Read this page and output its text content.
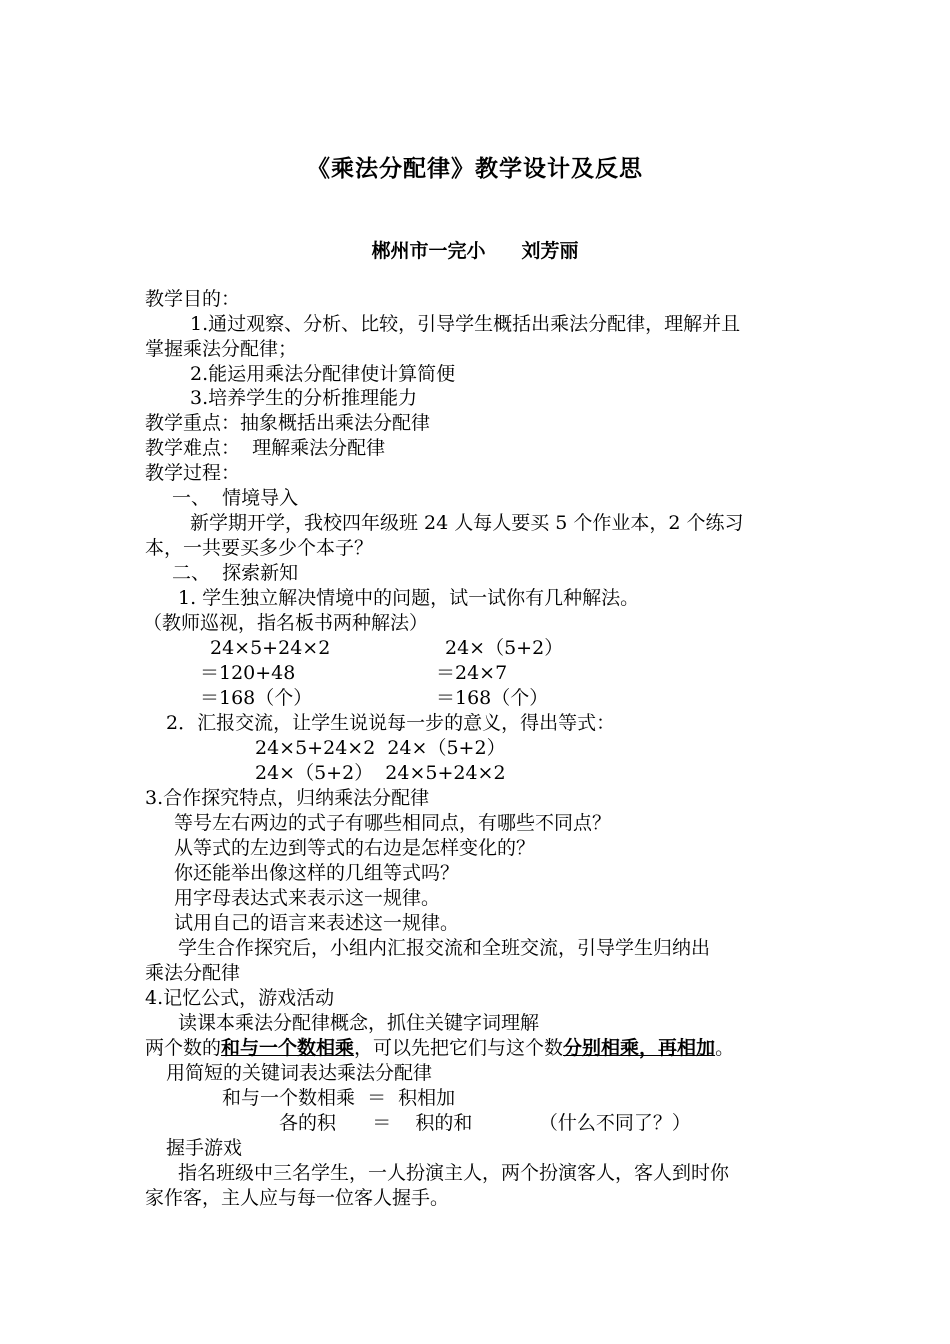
《乘法分配律》教学设计及反思
郴州市一完小 刘芳丽
教学目的：
1.通过观察、分析、比较，引导学生概括出乘法分配律，理解并且
掌握乘法分配律；
2.能运用乘法分配律使计算简便
3.培养学生的分析推理能力
教学重点：抽象概括出乘法分配律
教学难点：  理解乘法分配律
教学过程：
一、  情境导入
新学期开学，我校四年级班 24 人每人要买 5 个作业本，2 个练习
本，一共要买多少个本子？
二、  探索新知
1. 学生独立解决情境中的问题，试一试你有几种解法。
（教师巡视，指名板书两种解法）
24×5+24×2	24×（5+2）
＝120+48	＝24×7
＝168（个）	＝168（个）
2．汇报交流，让学生说说每一步的意义，得出等式：
24×5+24×2  24×（5+2）
24×（5+2）  24×5+24×2
3.合作探究特点，归纳乘法分配律
等号左右两边的式子有哪些相同点，有哪些不同点？
从等式的左边到等式的右边是怎样变化的？
你还能举出像这样的几组等式吗？
用字母表达式来表示这一规律。
试用自己的语言来表述这一规律。
学生合作探究后，小组内汇报交流和全班交流，引导学生归纳出
乘法分配律
4.记忆公式，游戏活动
读课本乘法分配律概念，抓住关键字词理解
两个数的和与一个数相乘，可以先把它们与这个数分别相乘，再相加。
用简短的关键词表达乘法分配律
和与一个数相乘  ＝  积相加
各的积      ＝    积的和           （什么不同了？）
握手游戏
指名班级中三名学生，一人扮演主人，两个扮演客人，客人到时你
家作客，主人应与每一位客人握手。
